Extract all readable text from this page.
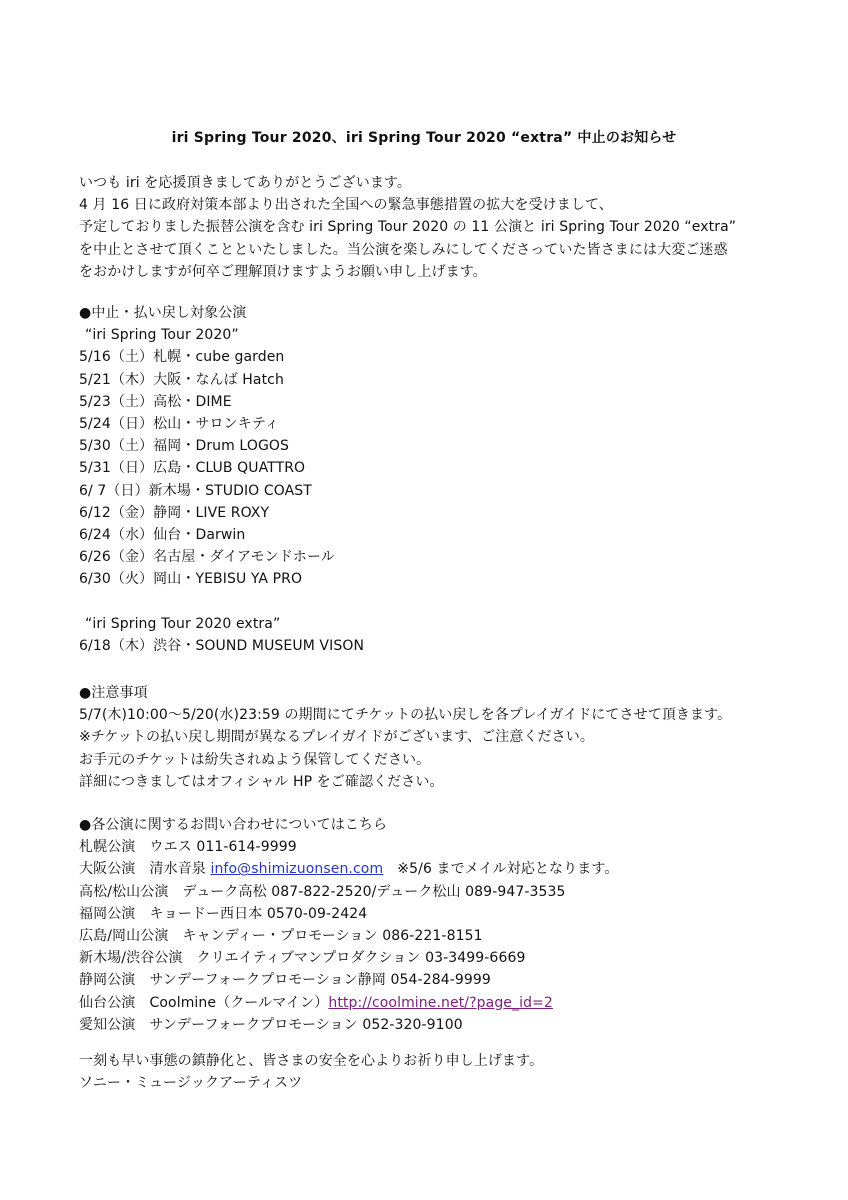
iri Spring Tour 2020、iri Spring Tour 2020 “extra” 中止のお知らせ
いつも iri を応援頂きましてありがとうございます。
4 月 16 日に政府対策本部より出された全国への緊急事態措置の拡大を受けまして、
予定しておりました振替公演を含む iri Spring Tour 2020 の 11 公演と iri Spring Tour 2020 “extra”
を中止とさせて頂くことといたしました。当公演を楽しみにしてくださっていた皆さまには大変ご迷惑
をおかけしますが何卒ご理解頂けますようお願い申し上げます。
●中止・払い戻し対象公演
“iri Spring Tour 2020”
5/16（土）札幌・cube garden
5/21（木）大阪・なんば Hatch
5/23（土）高松・DIME
5/24（日）松山・サロンキティ
5/30（土）福岡・Drum LOGOS
5/31（日）広島・CLUB QUATTRO
6/ 7（日）新木場・STUDIO COAST
6/12（金）静岡・LIVE ROXY
6/24（水）仙台・Darwin
6/26（金）名古屋・ダイアモンドホール
6/30（火）岡山・YEBISU YA PRO
“iri Spring Tour 2020 extra”
6/18（木）渋谷・SOUND MUSEUM VISON
●注意事項
5/7(木)10:00～5/20(水)23:59 の期間にてチケットの払い戻しを各プレイガイドにてさせて頂きます。
※チケットの払い戻し期間が異なるプレイガイドがございます、ご注意ください。
お手元のチケットは紛失されぬよう保管してください。
詳細につきましてはオフィシャル HP をご確認ください。
●各公演に関するお問い合わせについてはこちら
札幌公演　ウエス 011-614-9999
大阪公演　清水音泉 info@shimizuonsen.com　※5/6 までメイル対応となります。
高松/松山公演　デューク高松 087-822-2520/デューク松山 089-947-3535
福岡公演　キョードー西日本 0570-09-2424
広島/岡山公演　キャンディー・プロモーション 086-221-8151
新木場/渋谷公演　クリエイティブマンプロダクション 03-3499-6669
静岡公演　サンデーフォークプロモーション静岡 054-284-9999
仙台公演　Coolmine（クールマイン）http://coolmine.net/?page_id=2
愛知公演　サンデーフォークプロモーション 052-320-9100
一刻も早い事態の鎮静化と、皆さまの安全を心よりお祈り申し上げます。
ソニー・ミュージックアーティスツ
